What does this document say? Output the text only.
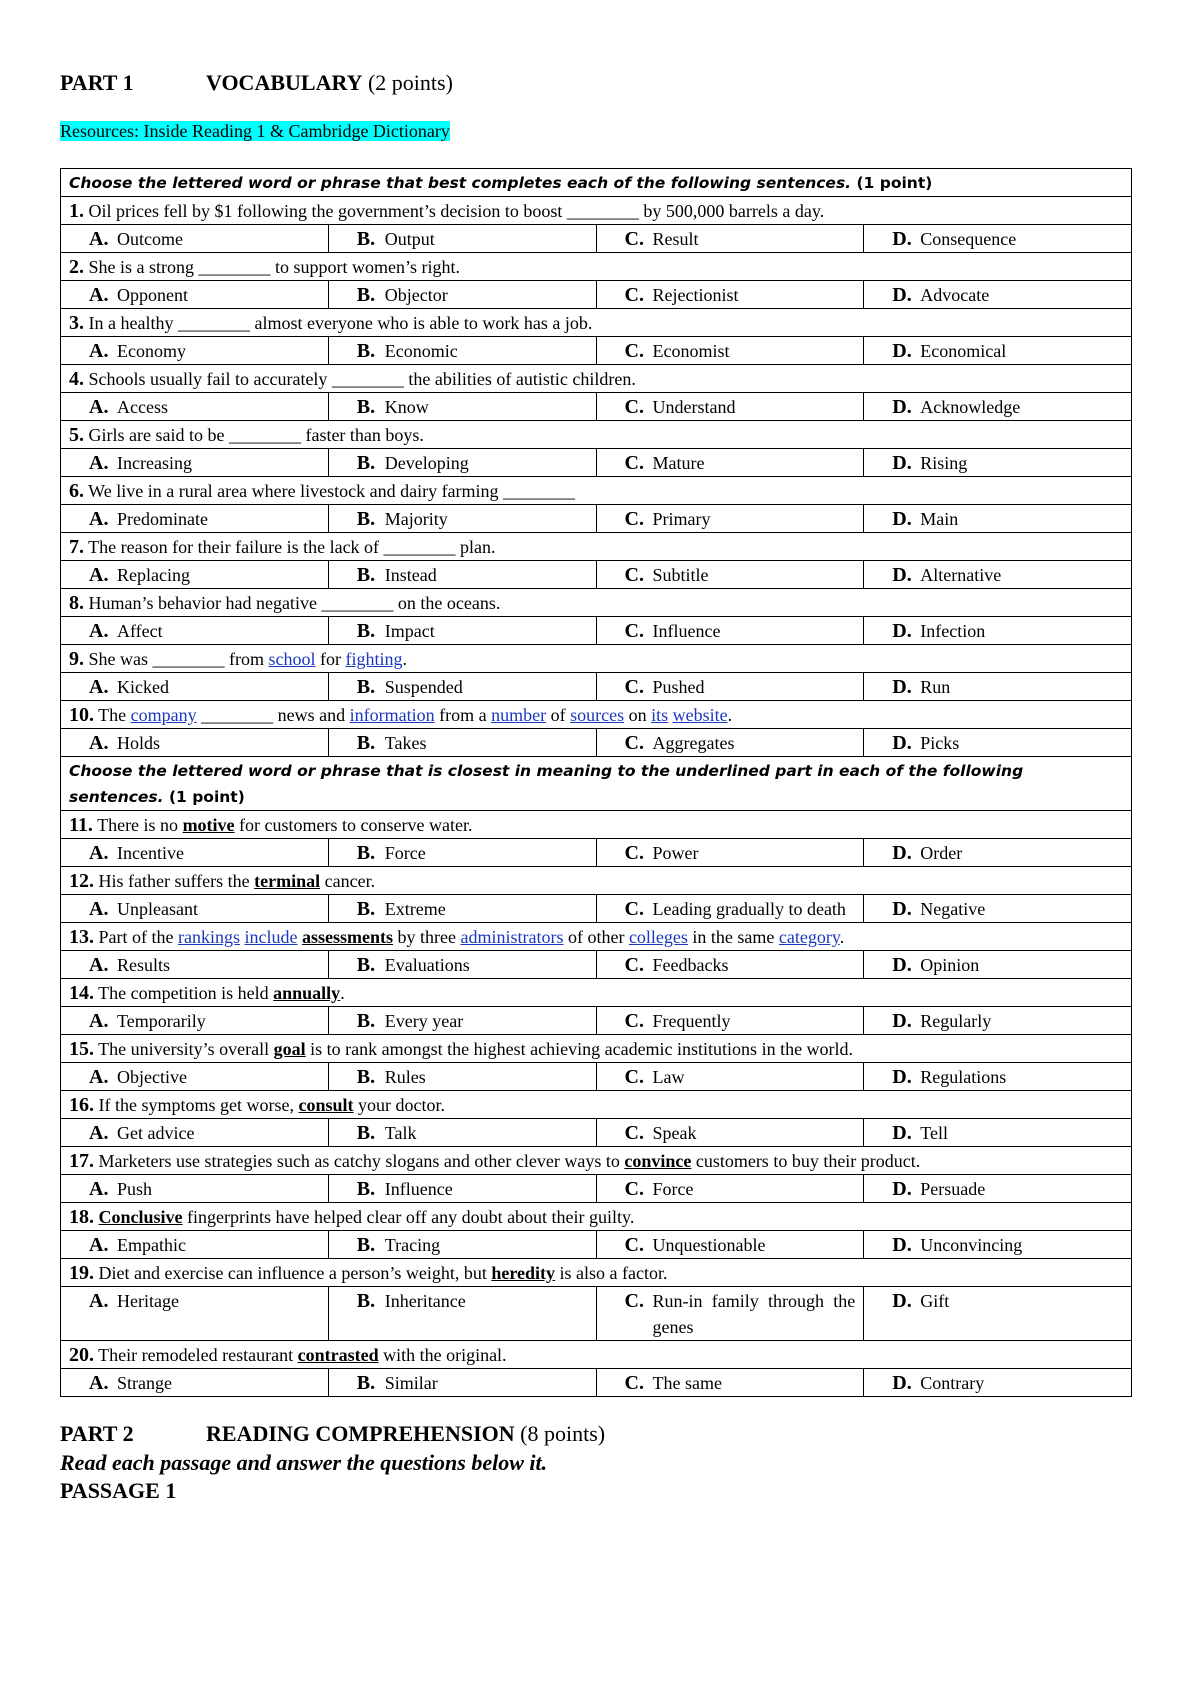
PART 1	VOCABULARY (2 points)
Resources: Inside Reading 1 & Cambridge Dictionary
Choose the lettered word or phrase that best completes each of the following sentences. (1 point)			
1. Oil prices fell by $1 following the government’s decision to boost ________ by 500,000 barrels a day.			

A. Outcome	B. Output	C. Result	D. Consequence

2. She is a strong ________ to support women’s right.			

A. Opponent	B. Objector	C. Rejectionist	D. Advocate

3. In a healthy ________ almost everyone who is able to work has a job.			

A. Economy	B. Economic	C. Economist	D. Economical

4. Schools usually fail to accurately ________ the abilities of autistic children.			

A. Access	B. Know	C. Understand	D. Acknowledge

5. Girls are said to be ________ faster than boys.			

A. Increasing	B. Developing	C. Mature	D. Rising

6. We live in a rural area where livestock and dairy farming ________			

A. Predominate	B. Majority	C. Primary	D. Main

7. The reason for their failure is the lack of ________ plan.			

A. Replacing	B. Instead	C. Subtitle	D. Alternative

8. Human’s behavior had negative ________ on the oceans.			

A. Affect	B. Impact	C. Influence	D. Infection

9. She was ________ from school for fighting.			

A. Kicked	B. Suspended	C. Pushed	D. Run

10. The company ________ news and information from a number of sources on its website.			

A. Holds	B. Takes	C. Aggregates	D. Picks

Choose the lettered word or phrase that is closest in meaning to the underlined part in each of the following sentences. (1 point)			
11. There is no motive for customers to conserve water.			

A. Incentive	B. Force	C. Power	D. Order

12. His father suffers the terminal cancer.			

A. Unpleasant	B. Extreme	C. Leading gradually to death	D. Negative

13. Part of the rankings include assessments by three administrators of other colleges in the same category.			

A. Results	B. Evaluations	C. Feedbacks	D. Opinion

14. The competition is held annually.			

A. Temporarily	B. Every year	C. Frequently	D. Regularly

15. The university’s overall goal is to rank amongst the highest achieving academic institutions in the world.			

A. Objective	B. Rules	C. Law	D. Regulations

16. If the symptoms get worse, consult your doctor.			

A. Get advice	B. Talk	C. Speak	D. Tell

17. Marketers use strategies such as catchy slogans and other clever ways to convince customers to buy their product.			

A. Push	B. Influence	C. Force	D. Persuade

18. Conclusive fingerprints have helped clear off any doubt about their guilty.			

A. Empathic	B. Tracing	C. Unquestionable	D. Unconvincing

19. Diet and exercise can influence a person’s weight, but heredity is also a factor.			

A. Heritage	B. Inheritance	C. Run-in family through the genes	D. Gift

20. Their remodeled restaurant contrasted with the original.			

A. Strange	B. Similar	C. The same	D. Contrary
PART 2	READING COMPREHENSION (8 points)
Read each passage and answer the questions below it.
PASSAGE 1
